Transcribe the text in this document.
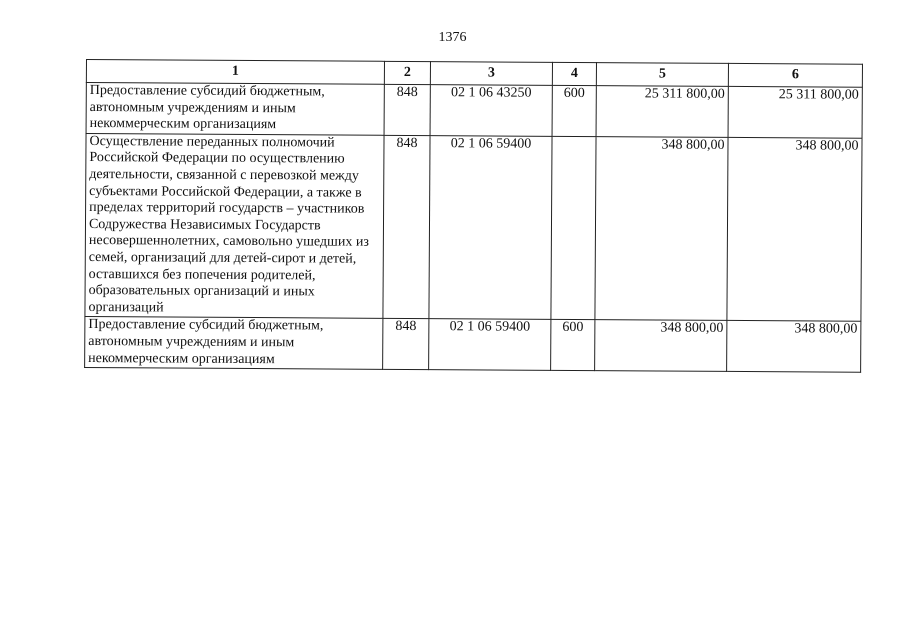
1376
1	2	3	4	5	6
Предоставление субсидий бюджетным, автономным учреждениям и иным некоммерческим организациям	848	02 1 06 43250	600	25 311 800,00	25 311 800,00
Осуществление переданных полномочий Российской Федерации по осуществлению деятельности, связанной с перевозкой между субъектами Российской Федерации, а также в пределах территорий государств – участников Содружества Независимых Государств несовершеннолетних, самовольно ушедших из семей, организаций для детей-сирот и детей, оставшихся без попечения родителей, образовательных организаций и иных организаций	848	02 1 06 59400		348 800,00	348 800,00
Предоставление субсидий бюджетным, автономным учреждениям и иным некоммерческим организациям	848	02 1 06 59400	600	348 800,00	348 800,00
